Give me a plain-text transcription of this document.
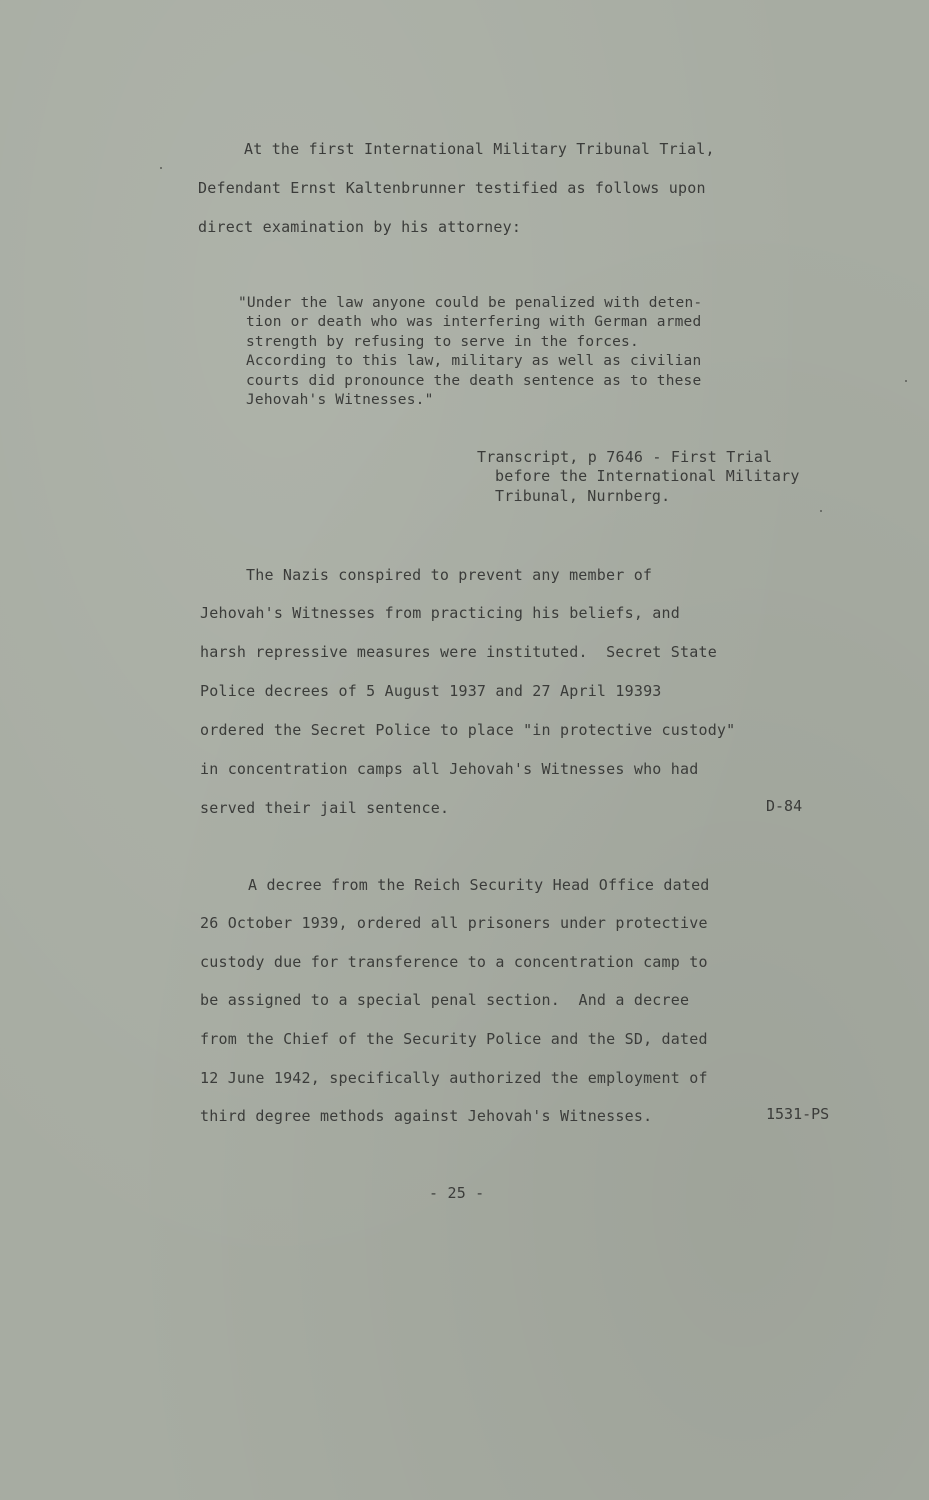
At the first International Military Tribunal Trial,
Defendant Ernst Kaltenbrunner testified as follows upon
direct examination by his attorney:
"Under the law anyone could be penalized with deten-
tion or death who was interfering with German armed
strength by refusing to serve in the forces.
According to this law, military as well as civilian
courts did pronounce the death sentence as to these
Jehovah's Witnesses."
Transcript, p 7646 - First Trial
before the International Military
Tribunal, Nurnberg.
The Nazis conspired to prevent any member of
Jehovah's Witnesses from practicing his beliefs, and
harsh repressive measures were instituted.  Secret State
Police decrees of 5 August 1937 and 27 April 19393
ordered the Secret Police to place "in protective custody"
in concentration camps all Jehovah's Witnesses who had
served their jail sentence.	D-84
A decree from the Reich Security Head Office dated
26 October 1939, ordered all prisoners under protective
custody due for transference to a concentration camp to
be assigned to a special penal section.  And a decree
from the Chief of the Security Police and the SD, dated
12 June 1942, specifically authorized the employment of
third degree methods against Jehovah's Witnesses.	1531-PS
- 25 -
